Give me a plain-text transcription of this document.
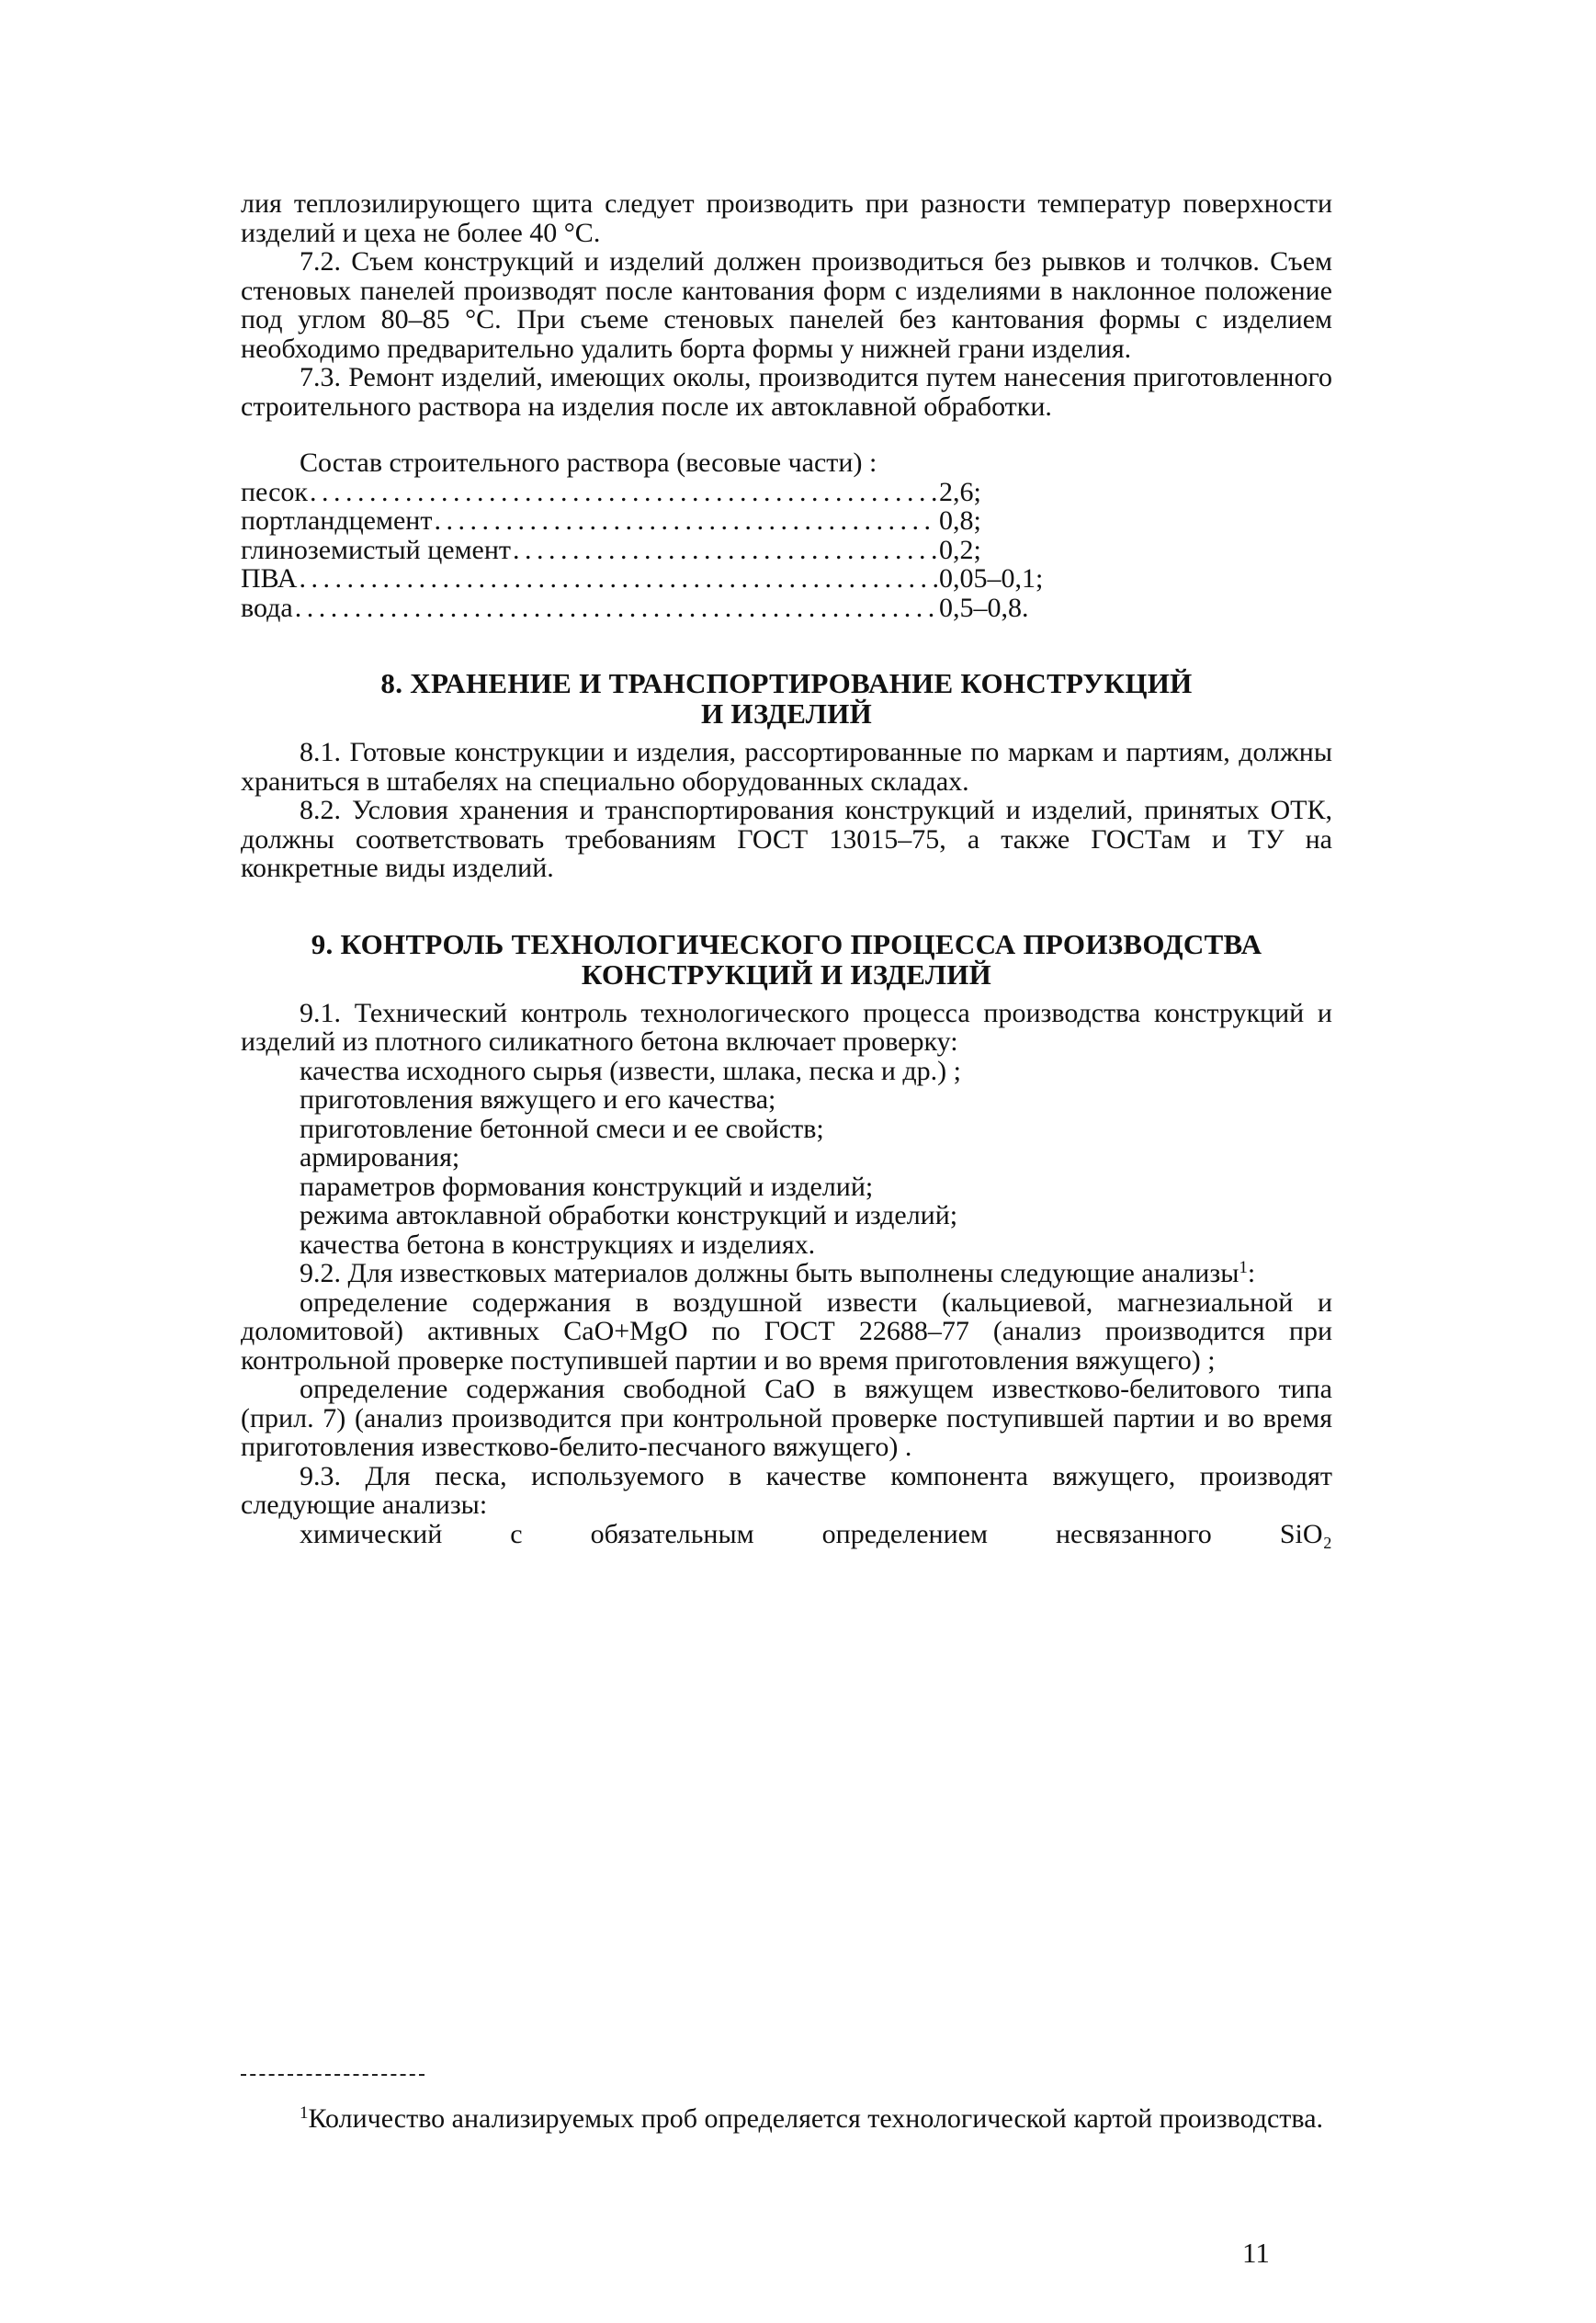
лия теплозилирующего щита следует производить при разности температур поверхности изделий и цеха не более 40 °С.

7.2. Съем конструкций и изделий должен производиться без рывков и толчков. Съем стеновых панелей производят после кантования форм с изделиями в наклонное положение под углом 80–85 °С. При съеме стеновых панелей без кантования формы с изделием необходимо предварительно удалить борта формы у нижней грани изделия.

7.3. Ремонт изделий, имеющих околы, производится путем нанесения приготовленного строительного раствора на изделия после их автоклавной обработки.

Состав строительного раствора (весовые части) :
песок . . .	2,6;
портландцемент . . .	0,8;
глиноземистый цемент . . .	0,2;
ПВА . . .	0,05–0,1;
вода . . .	0,5–0,8.

8. ХРАНЕНИЕ И ТРАНСПОРТИРОВАНИЕ КОНСТРУКЦИЙ
И ИЗДЕЛИЙ

8.1. Готовые конструкции и изделия, рассортированные по маркам и партиям, должны храниться в штабелях на специально оборудованных складах.

8.2. Условия хранения и транспортирования конструкций и изделий, принятых ОТК, должны соответствовать требованиям ГОСТ 13015–75, а также ГОСТам и ТУ на конкретные виды изделий.

9. КОНТРОЛЬ ТЕХНОЛОГИЧЕСКОГО ПРОЦЕССА ПРОИЗВОДСТВА
КОНСТРУКЦИЙ И ИЗДЕЛИЙ

9.1. Технический контроль технологического процесса производства конструкций и изделий из плотного силикатного бетона включает проверку:

качества исходного сырья (извести, шлака, песка и др.) ;
приготовления вяжущего и его качества;
приготовление бетонной смеси и ее свойств;
армирования;
параметров формования конструкций и изделий;
режима автоклавной обработки конструкций и изделий;
качества бетона в конструкциях и изделиях.

9.2. Для известковых материалов должны быть выполнены следующие анализы$^1$:

определение содержания в воздушной извести (кальциевой, магнезиальной и доломитовой) активных CaO+MgO по ГОСТ 22688–77 (анализ производится при контрольной проверке поступившей партии и во время приготовления вяжущего) ;

определение содержания свободной CaO в вяжущем известково-белитового типа (прил. 7) (анализ производится при контрольной проверке поступившей партии и во время приготовления известково-белито-песчаного вяжущего) .

9.3. Для песка, используемого в качестве компонента вяжущего, производят следующие анализы:

химический с обязательным определением несвязанного SiO₂

$^1$Количество анализируемых проб определяется технологической картой производства.

11
